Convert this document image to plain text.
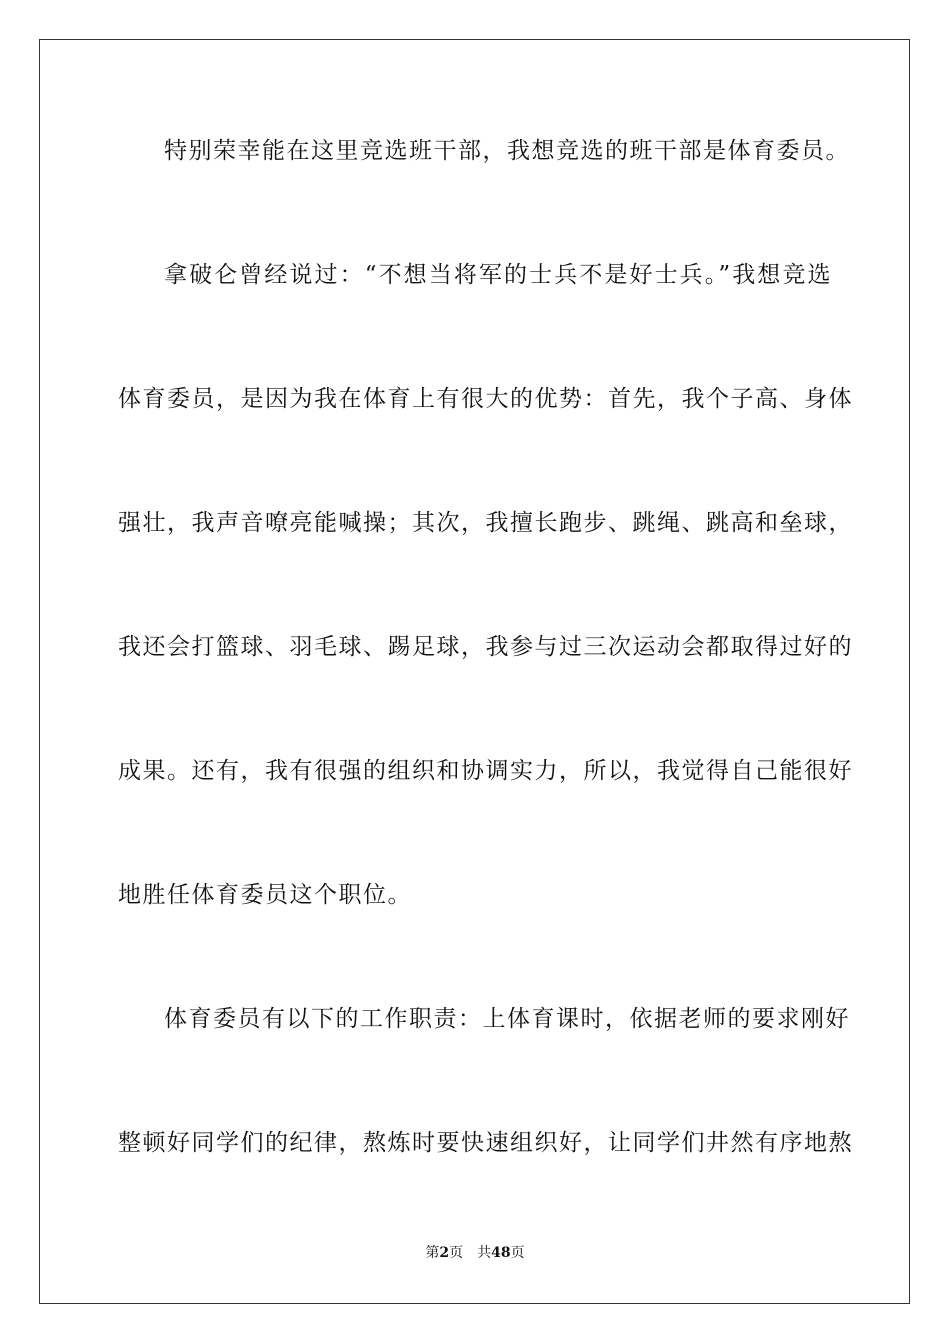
特别荣幸能在这里竞选班干部，我想竞选的班干部是体育委员。
拿破仑曾经说过：“不想当将军的士兵不是好士兵。”我想竞选
体育委员，是因为我在体育上有很大的优势：首先，我个子高、身体
强壮，我声音嘹亮能喊操；其次，我擅长跑步、跳绳、跳高和垒球，
我还会打篮球、羽毛球、踢足球，我参与过三次运动会都取得过好的
成果。还有，我有很强的组织和协调实力，所以，我觉得自己能很好
地胜任体育委员这个职位。
体育委员有以下的工作职责：上体育课时，依据老师的要求刚好
整顿好同学们的纪律，熬炼时要快速组织好，让同学们井然有序地熬
第2页 共48页
